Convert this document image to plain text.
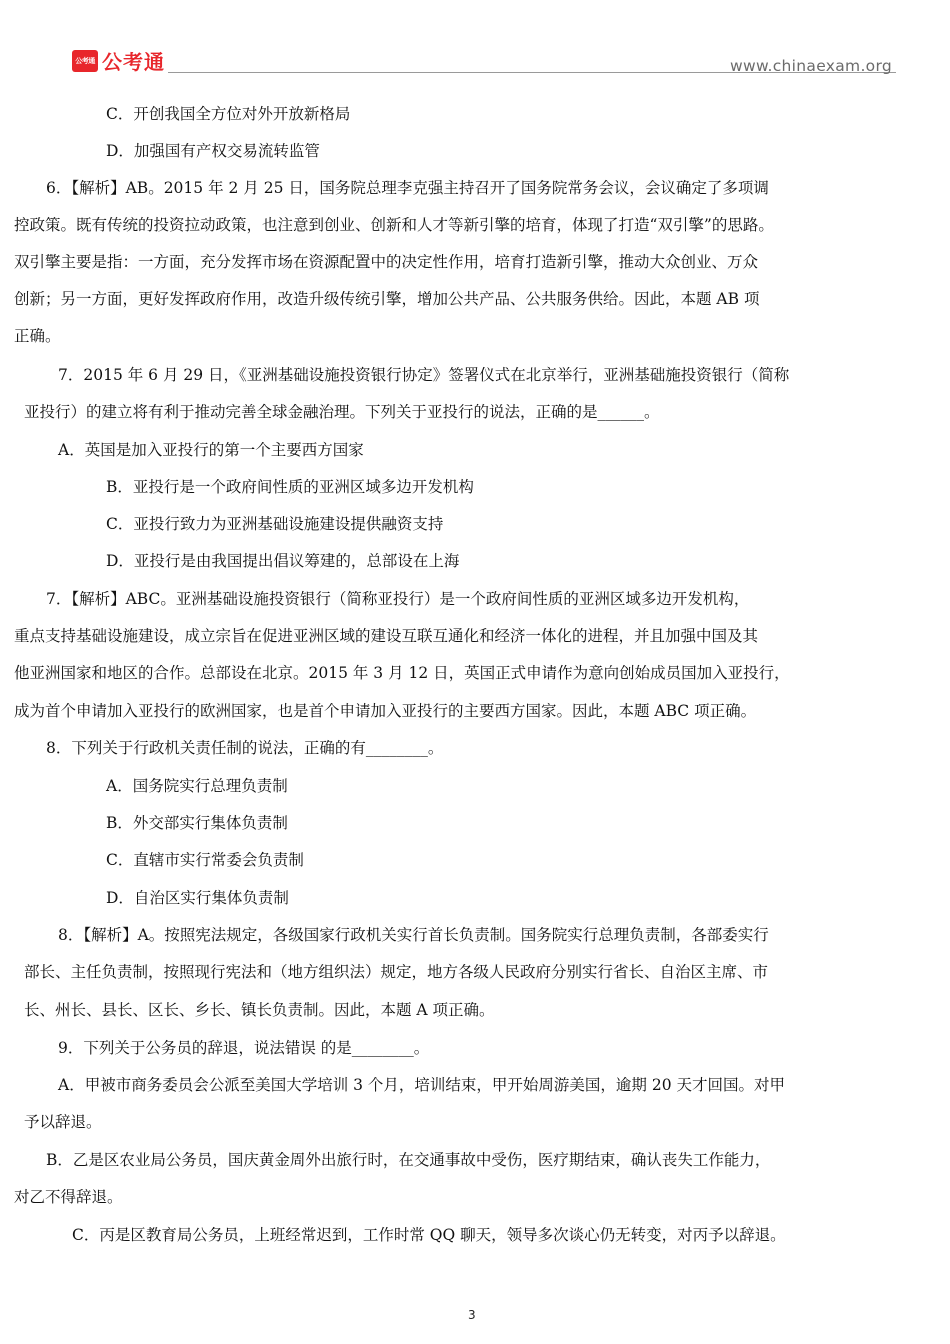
公考通 公考通	www.chinaexam.org
C．开创我国全方位对外开放新格局
D．加强国有产权交易流转监管
6．【解析】AB。2015 年 2 月 25 日，国务院总理李克强主持召开了国务院常务会议，会议确定了多项调
控政策。既有传统的投资拉动政策，也注意到创业、创新和人才等新引擎的培育，体现了打造“双引擎”的思路。
双引擎主要是指：一方面，充分发挥市场在资源配置中的决定性作用，培育打造新引擎，推动大众创业、万众
创新；另一方面，更好发挥政府作用，改造升级传统引擎，增加公共产品、公共服务供给。因此，本题 AB 项
正确。
7．2015 年 6 月 29 日，《亚洲基础设施投资银行协定》签署仪式在北京举行，亚洲基础施投资银行（简称
亚投行）的建立将有利于推动完善全球金融治理。下列关于亚投行的说法，正确的是______。
A．英国是加入亚投行的第一个主要西方国家
B．亚投行是一个政府间性质的亚洲区域多边开发机构
C．亚投行致力为亚洲基础设施建设提供融资支持
D．亚投行是由我国提出倡议筹建的，总部设在上海
7．【解析】ABC。亚洲基础设施投资银行（简称亚投行）是一个政府间性质的亚洲区域多边开发机构，
重点支持基础设施建设，成立宗旨在促进亚洲区域的建设互联互通化和经济一体化的进程，并且加强中国及其
他亚洲国家和地区的合作。总部设在北京。2015 年 3 月 12 日，英国正式申请作为意向创始成员国加入亚投行，
成为首个申请加入亚投行的欧洲国家，也是首个申请加入亚投行的主要西方国家。因此，本题 ABC 项正确。
8．下列关于行政机关责任制的说法，正确的有________。
A．国务院实行总理负责制
B．外交部实行集体负责制
C．直辖市实行常委会负责制
D．自治区实行集体负责制
8．【解析】A。按照宪法规定，各级国家行政机关实行首长负责制。国务院实行总理负责制，各部委实行
部长、主任负责制，按照现行宪法和（地方组织法）规定，地方各级人民政府分别实行省长、自治区主席、市
长、州长、县长、区长、乡长、镇长负责制。因此，本题 A 项正确。
9．下列关于公务员的辞退，说法错误 的是________。
A．甲被市商务委员会公派至美国大学培训 3 个月，培训结束，甲开始周游美国，逾期 20 天才回国。对甲
予以辞退。
B．乙是区农业局公务员，国庆黄金周外出旅行时，在交通事故中受伤，医疗期结束，确认丧失工作能力，
对乙不得辞退。
C．丙是区教育局公务员，上班经常迟到，工作时常 QQ 聊天，领导多次谈心仍无转变，对丙予以辞退。
3
